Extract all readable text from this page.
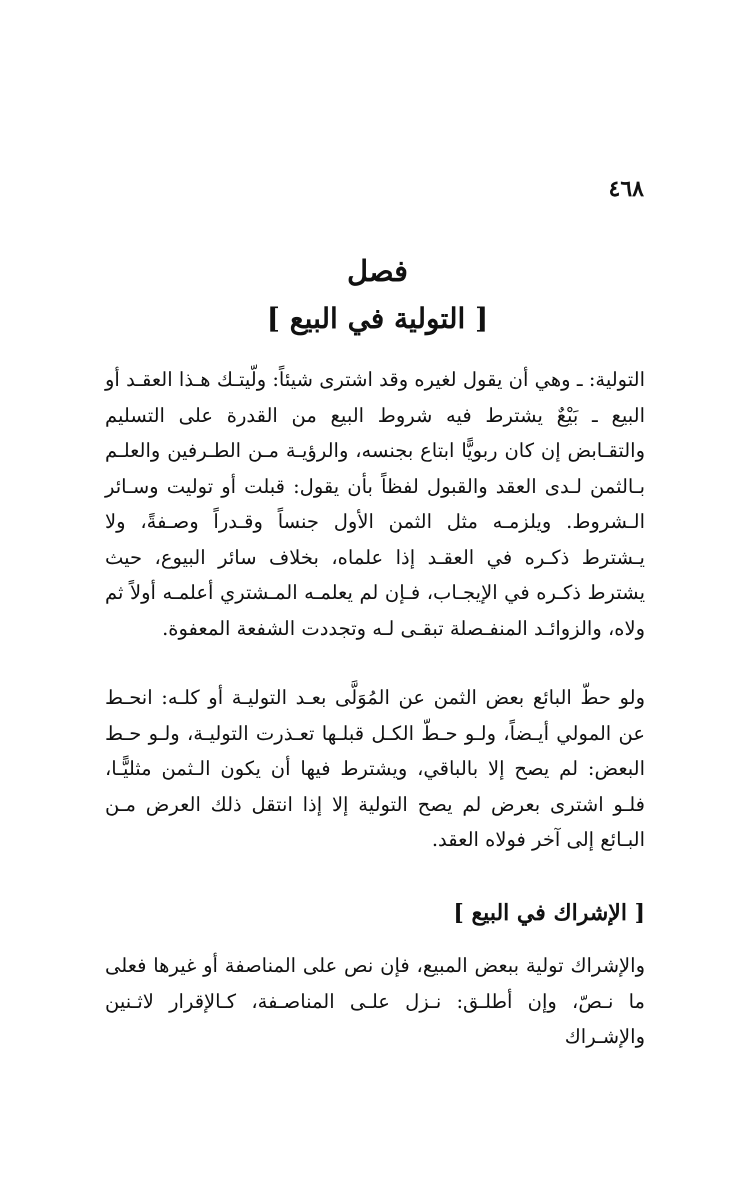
٤٦٨
فصل
[ التولية في البيع ]

التولية: ـ وهي أن يقول لغيره وقد اشترى شيئاً: ولّيتـك هـذا العقـد أو البيع ـ بَيْعٌ يشترط فيه شروط البيع من القدرة على التسليم والتقـابض إن كان ربويًّا ابتاع بجنسه، والرؤيـة مـن الطـرفين والعلـم بـالثمن لـدى العقد والقبول لفظاً بأن يقول: قبلت أو توليت وسـائر الـشروط. ويلزمـه مثل الثمن الأول جنساً وقـدراً وصـفةً، ولا يـشترط ذكـره في العقـد إذا علماه، بخلاف سائر البيوع، حيث يشترط ذكـره في الإيجـاب، فـإن لم يعلمـه المـشتري أعلمـه أولاً ثم ولاه، والزوائـد المنفـصلة تبقـى لـه وتجددت الشفعة المعفوة.

ولو حطّ البائع بعض الثمن عن المُوَلَّى بعـد التوليـة أو كلـه: انحـط عن المولي أيـضاً، ولـو حـطّ الكـل قبلـها تعـذرت التوليـة، ولـو حـط البعض: لم يصح إلا بالباقي، ويشترط فيها أن يكون الـثمن مثليًّـا، فلـو اشترى بعرض لم يصح التولية إلا إذا انتقل ذلك العرض مـن البـائع إلى آخر فولاه العقد.

[ الإشراك في البيع ]

والإشراك تولية ببعض المبيع، فإن نص على المناصفة أو غيرها فعلى ما نـصّ، وإن أطلـق: نـزل علـى المناصـفة، كـالإقرار لاثـنين والإشـراك
